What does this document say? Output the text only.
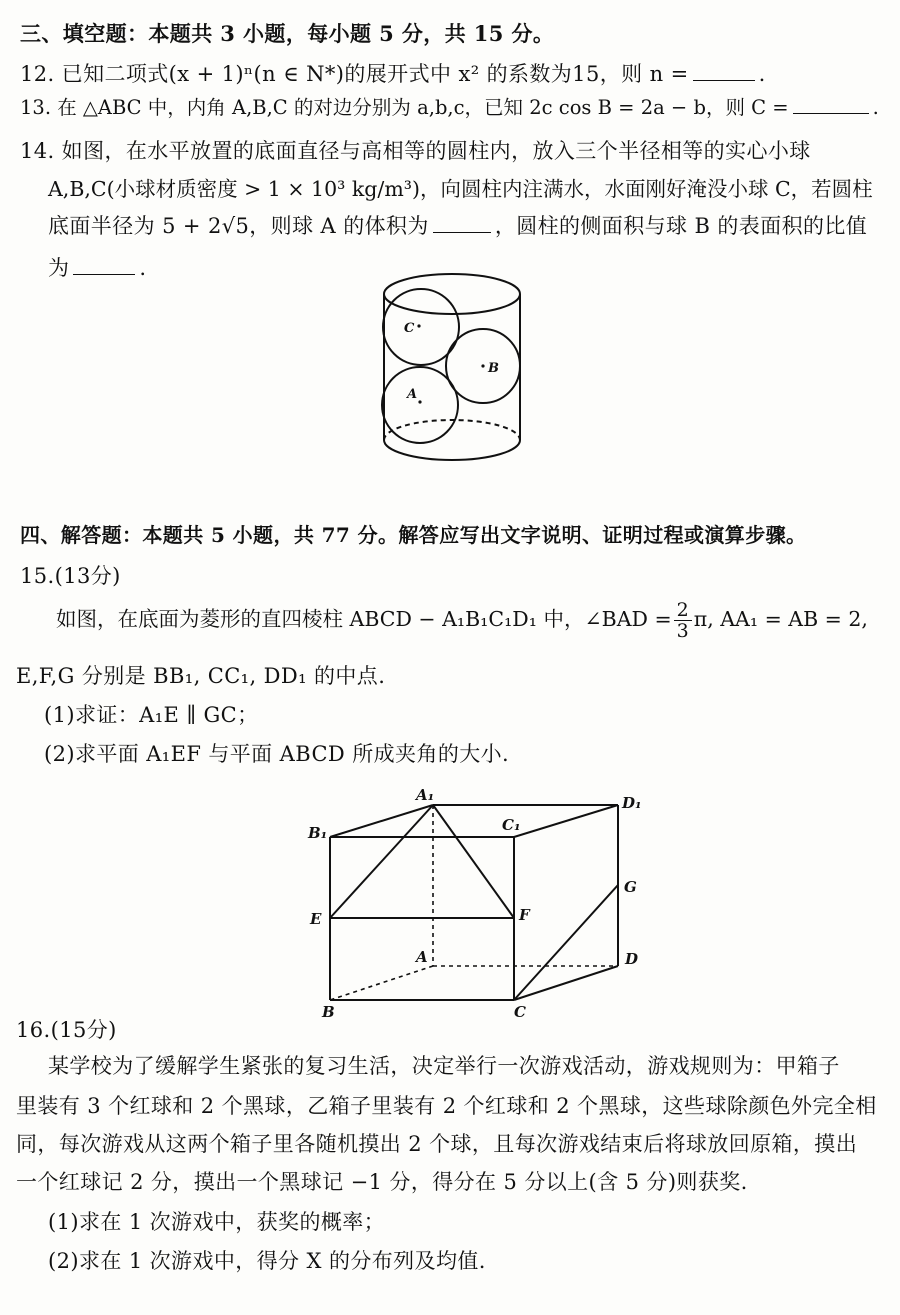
三、填空题：本题共 3 小题，每小题 5 分，共 15 分。
12. 已知二项式(x + 1)ⁿ(n ∈ N*)的展开式中 x² 的系数为15，则 n =	.
13. 在 △ABC 中，内角 A,B,C 的对边分别为 a,b,c，已知 2c cos B = 2a − b，则 C =	.
14. 如图，在水平放置的底面直径与高相等的圆柱内，放入三个半径相等的实心小球
A,B,C(小球材质密度 > 1 × 10³ kg/m³)，向圆柱内注满水，水面刚好淹没小球 C，若圆柱
底面半径为 5 + 2√5，则球 A 的体积为	，圆柱的侧面积与球 B 的表面积的比值
为	.
C
B
A
四、解答题：本题共 5 小题，共 77 分。解答应写出文字说明、证明过程或演算步骤。
15.(13分)
如图，在底面为菱形的直四棱柱 ABCD − A₁B₁C₁D₁ 中，∠BAD = $\frac{2}{3} \pi$, AA₁ = AB = 2,
E,F,G 分别是 BB₁, CC₁, DD₁ 的中点.
(1)求证：A₁E ∥ GC；
(2)求平面 A₁EF 与平面 ABCD 所成夹角的大小.
A₁	D₁
B₁	C₁
G
E	F
A	D
B	C
16.(15分)
某学校为了缓解学生紧张的复习生活，决定举行一次游戏活动，游戏规则为：甲箱子
里装有 3 个红球和 2 个黑球，乙箱子里装有 2 个红球和 2 个黑球，这些球除颜色外完全相
同，每次游戏从这两个箱子里各随机摸出 2 个球，且每次游戏结束后将球放回原箱，摸出
一个红球记 2 分，摸出一个黑球记 −1 分，得分在 5 分以上(含 5 分)则获奖.
(1)求在 1 次游戏中，获奖的概率；
(2)求在 1 次游戏中，得分 X 的分布列及均值.
